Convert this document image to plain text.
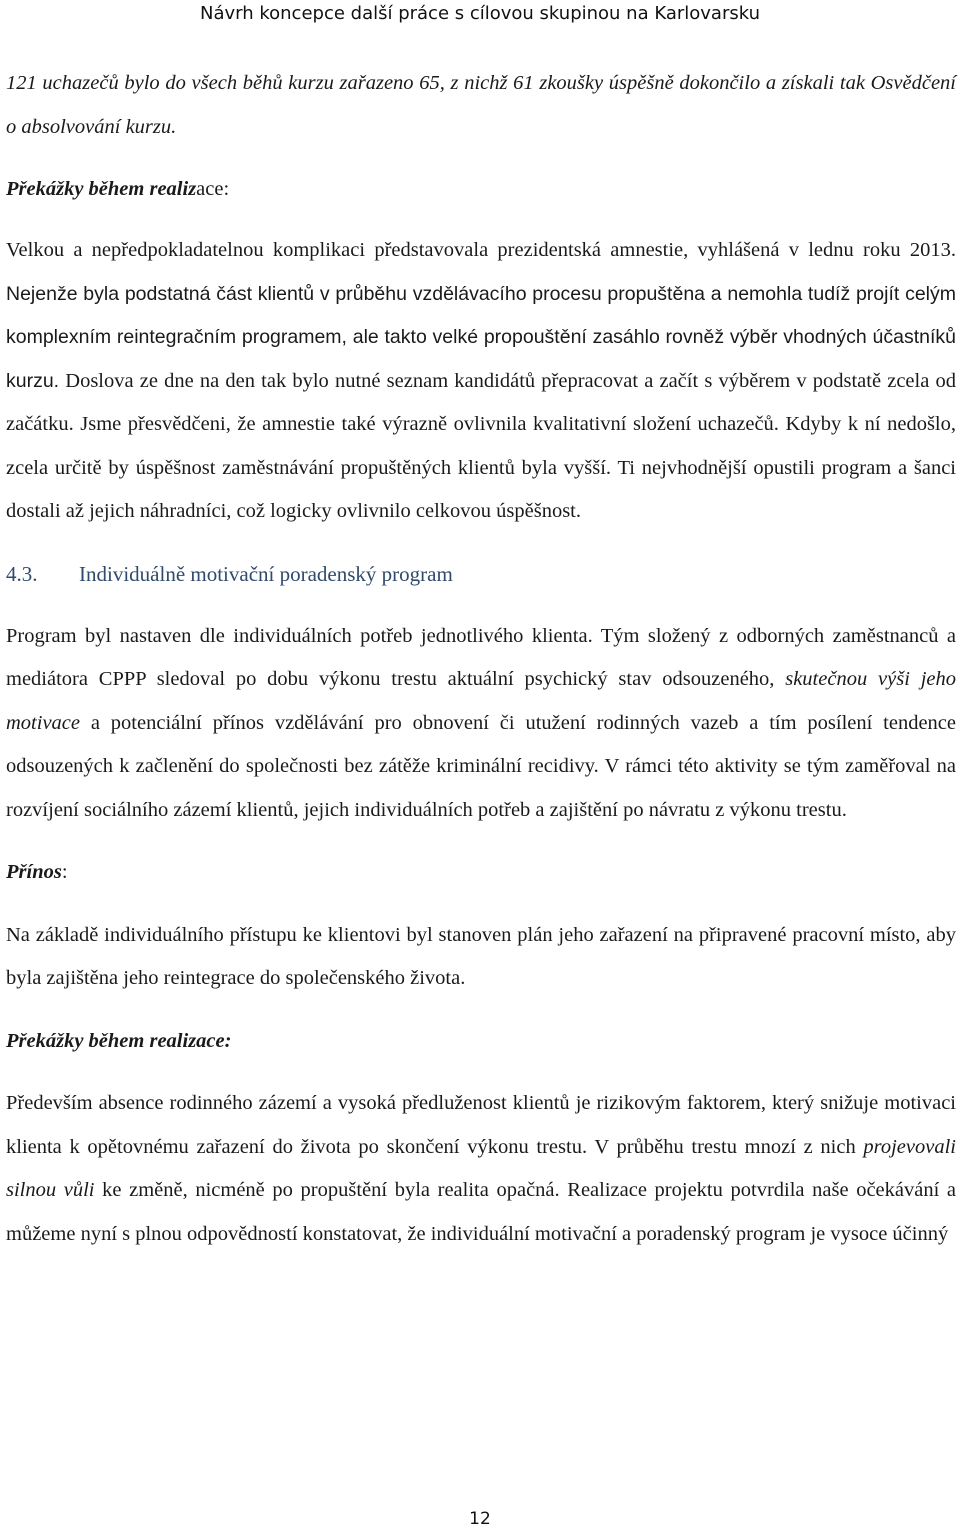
Návrh koncepce další práce s cílovou skupinou na Karlovarsku

121 uchazečů bylo do všech běhů kurzu zařazeno 65, z nichž 61 zkoušky úspěšně dokončilo a získali tak Osvědčení o absolvování kurzu.

Překážky během realizace:

Velkou a nepředpokladatelnou komplikaci představovala prezidentská amnestie, vyhlášená v lednu roku 2013. Nejenže byla podstatná část klientů v průběhu vzdělávacího procesu propuštěna a nemohla tudíž projít celým komplexním reintegračním programem, ale takto velké propouštění zasáhlo rovněž výběr vhodných účastníků kurzu. Doslova ze dne na den tak bylo nutné seznam kandidátů přepracovat a začít s výběrem v podstatě zcela od začátku. Jsme přesvědčeni, že amnestie také výrazně ovlivnila kvalitativní složení uchazečů. Kdyby k ní nedošlo, zcela určitě by úspěšnost zaměstnávání propuštěných klientů byla vyšší. Ti nejvhodnější opustili program a šanci dostali až jejich náhradníci, což logicky ovlivnilo celkovou úspěšnost.

4.3. Individuálně motivační poradenský program

Program byl nastaven dle individuálních potřeb jednotlivého klienta. Tým složený z odborných zaměstnanců a mediátora CPPP sledoval po dobu výkonu trestu aktuální psychický stav odsouzeného, skutečnou výši jeho motivace a potenciální přínos vzdělávání pro obnovení či utužení rodinných vazeb a tím posílení tendence odsouzených k začlenění do společnosti bez zátěže kriminální recidivy. V rámci této aktivity se tým zaměřoval na rozvíjení sociálního zázemí klientů, jejich individuálních potřeb a zajištění po návratu z výkonu trestu.

Přínos:

Na základě individuálního přístupu ke klientovi byl stanoven plán jeho zařazení na připravené pracovní místo, aby byla zajištěna jeho reintegrace do společenského života.

Překážky během realizace:

Především absence rodinného zázemí a vysoká předluženost klientů je rizikovým faktorem, který snižuje motivaci klienta k opětovnému zařazení do života po skončení výkonu trestu. V průběhu trestu mnozí z nich projevovali silnou vůli ke změně, nicméně po propuštění byla realita opačná. Realizace projektu potvrdila naše očekávání a můžeme nyní s plnou odpovědností konstatovat, že individuální motivační a poradenský program je vysoce účinný

12
